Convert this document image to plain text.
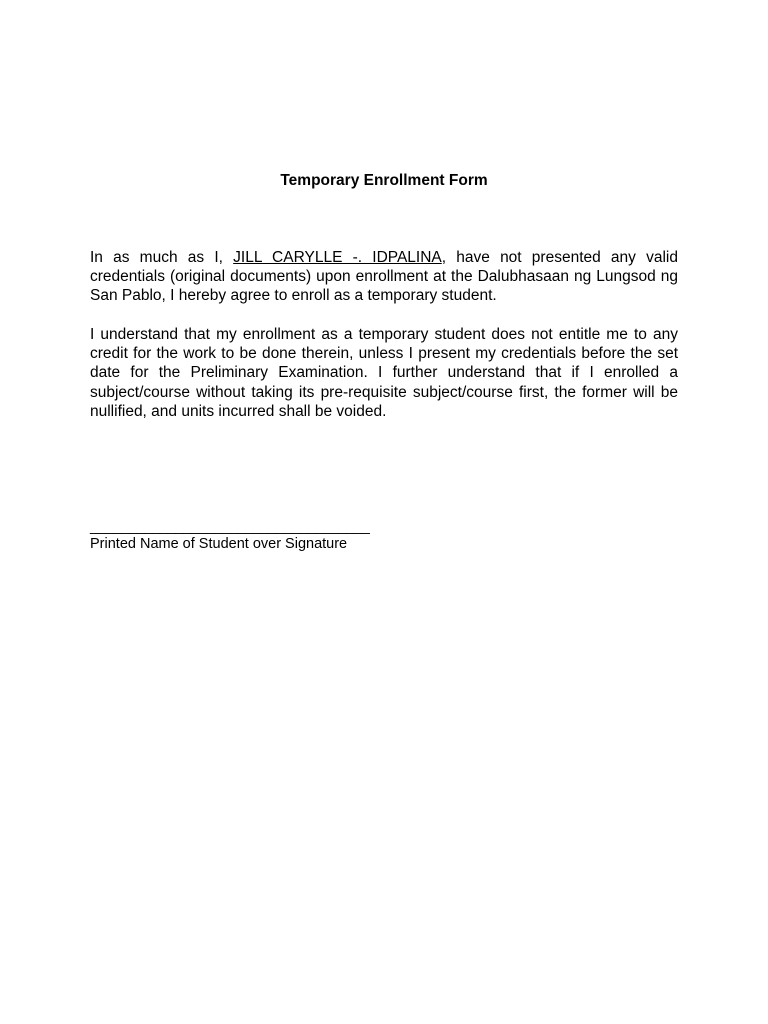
Temporary Enrollment Form

In as much as I, JILL CARYLLE -. IDPALINA, have not presented any valid credentials (original documents) upon enrollment at the Dalubhasaan ng Lungsod ng San Pablo, I hereby agree to enroll as a temporary student.

I understand that my enrollment as a temporary student does not entitle me to any credit for the work to be done therein, unless I present my credentials before the set date for the Preliminary Examination. I further understand that if I enrolled a subject/course without taking its pre-requisite subject/course first, the former will be nullified, and units incurred shall be voided.

____________________________________
Printed Name of Student over Signature
